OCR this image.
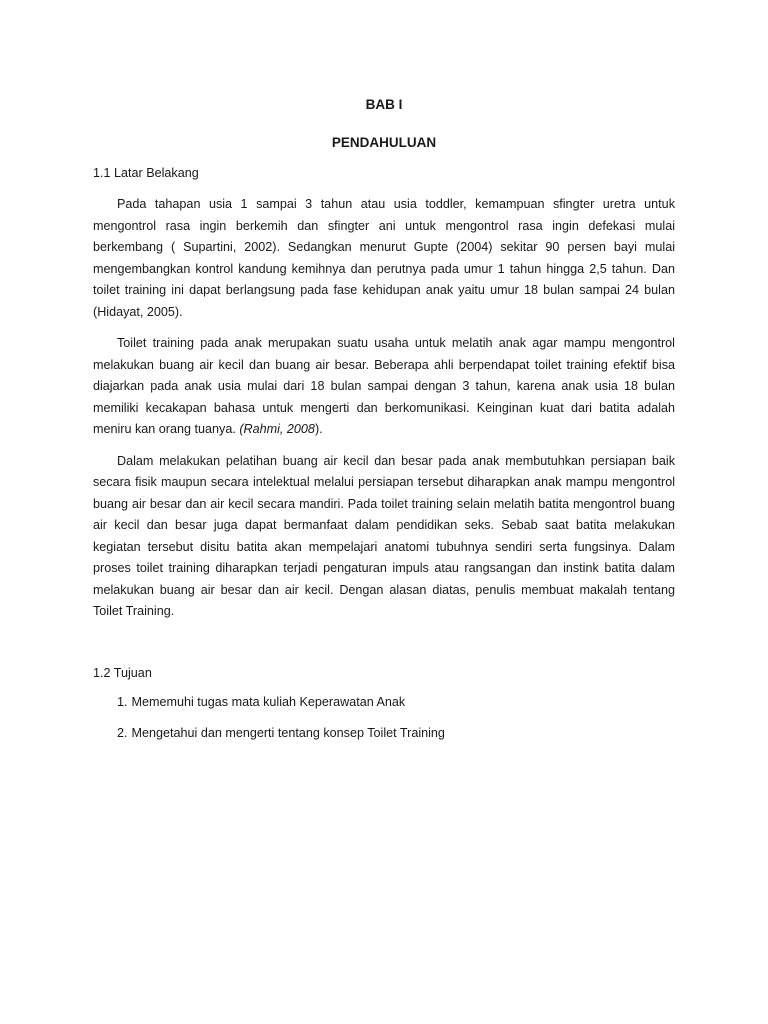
BAB I
PENDAHULUAN
1.1 Latar Belakang

Pada tahapan usia 1 sampai 3 tahun atau usia toddler, kemampuan sfingter uretra untuk mengontrol rasa ingin berkemih dan sfingter ani untuk mengontrol rasa ingin defekasi mulai berkembang ( Supartini, 2002). Sedangkan menurut Gupte (2004) sekitar 90 persen bayi mulai mengembangkan kontrol kandung kemihnya dan perutnya pada umur 1 tahun hingga 2,5 tahun. Dan toilet training ini dapat berlangsung pada fase kehidupan anak yaitu umur 18 bulan sampai 24 bulan (Hidayat, 2005).

Toilet training pada anak merupakan suatu usaha untuk melatih anak agar mampu mengontrol melakukan buang air kecil dan buang air besar. Beberapa ahli berpendapat toilet training efektif bisa diajarkan pada anak usia mulai dari 18 bulan sampai dengan 3 tahun, karena anak usia 18 bulan memiliki kecakapan bahasa untuk mengerti dan berkomunikasi. Keinginan kuat dari batita adalah meniru kan orang tuanya. (Rahmi, 2008).

Dalam melakukan pelatihan buang air kecil dan besar pada anak membutuhkan persiapan baik secara fisik maupun secara intelektual melalui persiapan tersebut diharapkan anak mampu mengontrol buang air besar dan air kecil secara mandiri. Pada toilet training selain melatih batita mengontrol buang air kecil dan besar juga dapat bermanfaat dalam pendidikan seks. Sebab saat batita melakukan kegiatan tersebut disitu batita akan mempelajari anatomi tubuhnya sendiri serta fungsinya. Dalam proses toilet training diharapkan terjadi pengaturan impuls atau rangsangan dan instink batita dalam melakukan buang air besar dan air kecil. Dengan alasan diatas, penulis membuat makalah tentang Toilet Training.

1.2 Tujuan
1. Mememuhi tugas mata kuliah Keperawatan Anak
2. Mengetahui dan mengerti tentang konsep Toilet Training
